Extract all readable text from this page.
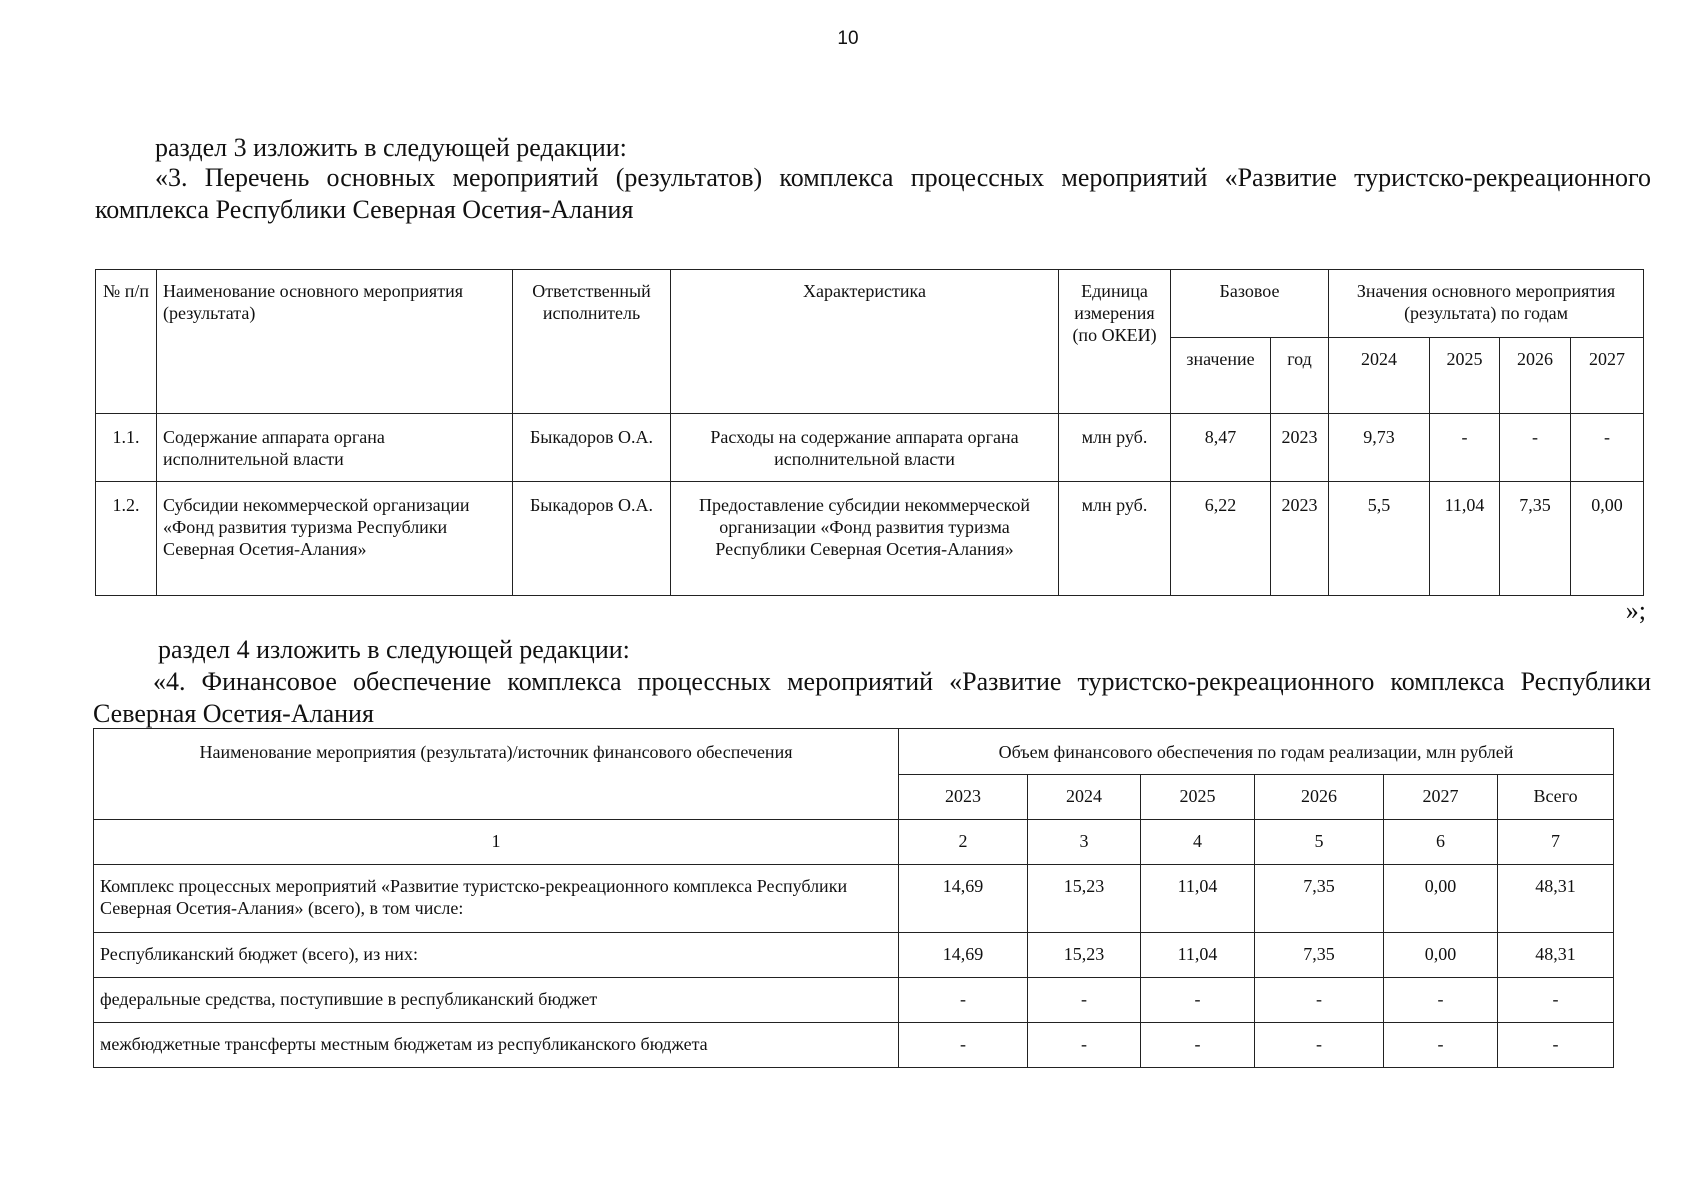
10
раздел 3 изложить в следующей редакции:
«3. Перечень основных мероприятий (результатов) комплекса процессных мероприятий «Развитие туристско-рекреационного комплекса Республики Северная Осетия-Алания
№ п/п	Наименование основного мероприятия (результата)	Ответственный исполнитель	Характеристика	Единица измерения (по ОКЕИ)	Базовое		Значения основного мероприятия (результата) по годам			
					значение	год	2024	2025	2026	2027
1.1.	Содержание аппарата органа исполнительной власти	Быкадоров О.А.	Расходы на содержание аппарата органа исполнительной власти	млн руб.	8,47	2023	9,73	-	-	-
1.2.	Субсидии некоммерческой организации «Фонд развития туризма Республики Северная Осетия-Алания»	Быкадоров О.А.	Предоставление субсидии некоммерческой организации «Фонд развития туризма Республики Северная Осетия-Алания»	млн руб.	6,22	2023	5,5	11,04	7,35	0,00
»;
раздел 4 изложить в следующей редакции:
«4. Финансовое обеспечение комплекса процессных мероприятий «Развитие туристско-рекреационного комплекса Республики Северная Осетия-Алания
Наименование мероприятия (результата)/источник финансового обеспечения	Объем финансового обеспечения по годам реализации, млн рублей					
	2023	2024	2025	2026	2027	Всего
1	2	3	4	5	6	7
Комплекс процессных мероприятий «Развитие туристско-рекреационного комплекса Республики Северная Осетия-Алания» (всего), в том числе:	14,69	15,23	11,04	7,35	0,00	48,31
Республиканский бюджет (всего), из них:	14,69	15,23	11,04	7,35	0,00	48,31
федеральные средства, поступившие в республиканский бюджет	-	-	-	-	-	-
межбюджетные трансферты местным бюджетам из республиканского бюджета	-	-	-	-	-	-
